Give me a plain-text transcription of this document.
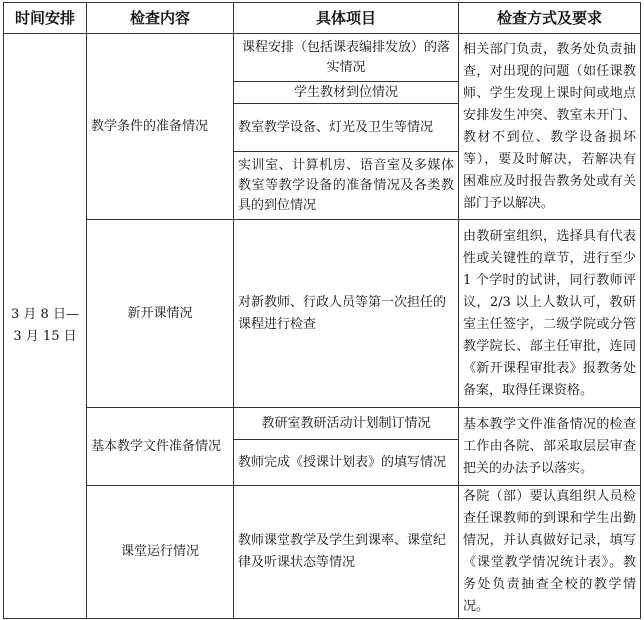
时间安排	检查内容	具体项目	检查方式及要求

3 月 8 日—
3 月 15 日	教学条件的准备情况	课程安排（包括课表编排发放）的落实情况	相关部门负责，教务处负责抽查，对出现的问题（如任课教师、学生发现上课时间或地点安排发生冲突、教室未开门、教材不到位、教学设备损坏等），要及时解决，若解决有困难应及时报告教务处或有关部门予以解决。
		学生教材到位情况	
		教室教学设备、灯光及卫生等情况	
		实训室、计算机房、语音室及多媒体教室等教学设备的准备情况及各类教具的到位情况	
	新开课情况	对新教师、行政人员等第一次担任的课程进行检查	由教研室组织，选择具有代表性或关键性的章节，进行至少 1 个学时的试讲，同行教师评议，2/3 以上人数认可，教研室主任签字，二级学院或分管教学院长、部主任审批，连同《新开课程审批表》报教务处备案，取得任课资格。
	基本教学文件准备情况	教研室教研活动计划制订情况	基本教学文件准备情况的检查工作由各院、部采取层层审查把关的办法予以落实。
		教师完成《授课计划表》的填写情况	
	课堂运行情况	教师课堂教学及学生到课率、课堂纪律及听课状态等情况	各院（部）要认真组织人员检查任课教师的到课和学生出勤情况，并认真做好记录，填写《课堂教学情况统计表》。教务处负责抽查全校的教学情况。
